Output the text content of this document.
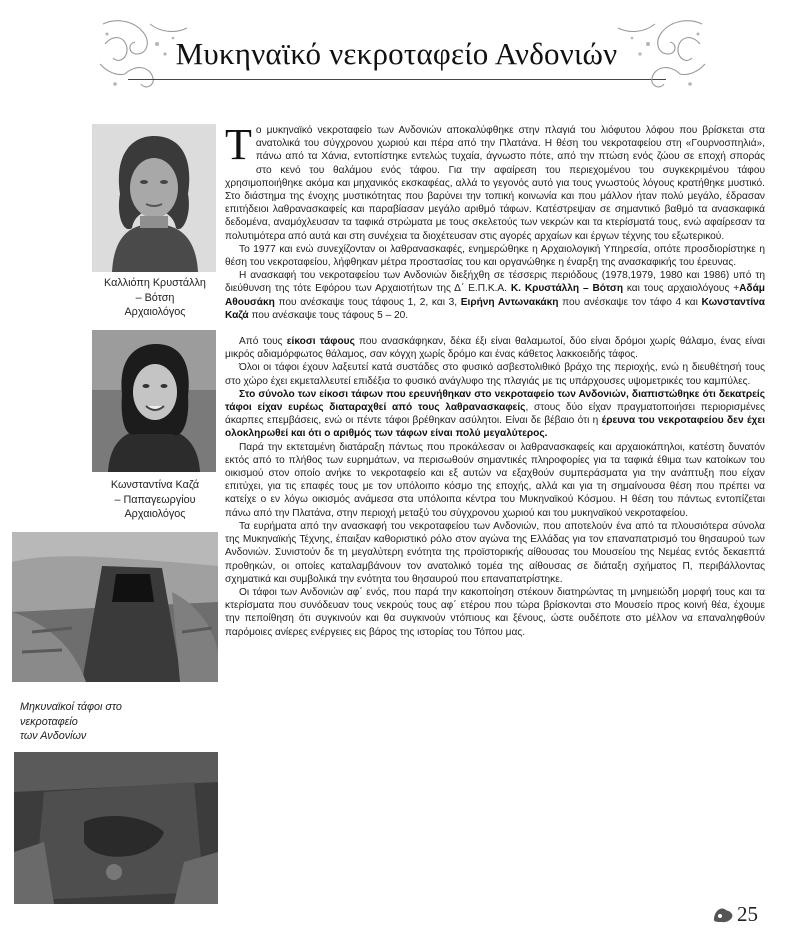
Μυκηναϊκό νεκροταφείο Ανδονιών
Καλλιόπη Κρυστάλλη
– Βότση
Αρχαιολόγος
Κωνσταντίνα Καζά
– Παπαγεωργίου
Αρχαιολόγος
Μηκυναϊκοί τάφοι στο
νεκροταφείο
των Ανδονίων

Το μυκηναϊκό νεκροταφείο των Ανδονιών αποκαλύφθηκε στην πλαγιά του λιόφυτου λόφου που βρίσκεται στα ανατολικά του σύγχρονου χωριού και πέρα από την Πλατάνα. Η θέση του νεκροταφείου στη «Γουρνοσπηλιά», πάνω από τα Χάνια, εντοπίστηκε εντελώς τυχαία, άγνωστο πότε, από την πτώση ενός ζώου σε εποχή σποράς στο κενό του θαλάμου ενός τάφου. Για την αφαίρεση του περιεχομένου του συγκεκριμένου τάφου χρησιμοποιήθηκε ακόμα και μηχανικός εκσκαφέας, αλλά το γεγονός αυτό για τους γνωστούς λόγους κρατήθηκε μυστικό. Στο διάστημα της ένοχης μυστικότητας που βαρύνει την τοπική κοινωνία και που μάλλον ήταν πολύ μεγάλο, έδρασαν επιτήδειοι λαθρανασκαφείς και παραβίασαν μεγάλο αριθμό τάφων. Κατέστρεψαν σε σημαντικό βαθμό τα ανασκαφικά δεδομένα, αναμόχλευσαν τα ταφικά στρώματα με τους σκελετούς των νεκρών και τα κτερίσματά τους, ενώ αφαίρεσαν τα πολυτιμότερα από αυτά και στη συνέχεια τα διοχέτευσαν στις αγορές αρχαίων και έργων τέχνης του εξωτερικού.

Το 1977 και ενώ συνεχίζονταν οι λαθρανασκαφές, ενημερώθηκε η Αρχαιολογική Υπηρεσία, οπότε προσδιορίστηκε η θέση του νεκροταφείου, λήφθηκαν μέτρα προστασίας του και οργανώθηκε η έναρξη της ανασκαφικής του έρευνας.

Η ανασκαφή του νεκροταφείου των Ανδονιών διεξήχθη σε τέσσερις περιόδους (1978,1979, 1980 και 1986) υπό τη διεύθυνση της τότε Εφόρου των Αρχαιοτήτων της Δ΄ Ε.Π.Κ.Α. Κ. Κρυστάλλη – Βότση και τους αρχαιολόγους +Αδάμ Αθουσάκη που ανέσκαψε τους τάφους 1, 2, και 3, Ειρήνη Αντωνακάκη που ανέσκαψε τον τάφο 4 και Κωνσταντίνα Καζά που ανέσκαψε τους τάφους 5 – 20.

Από τους είκοσι τάφους που ανασκάφηκαν, δέκα έξι είναι θαλαμωτοί, δύο είναι δρόμοι χωρίς θάλαμο, ένας είναι μικρός αδιαμόρφωτος θάλαμος, σαν κόγχη χωρίς δρόμο και ένας κάθετος λακκοειδής τάφος.

Όλοι οι τάφοι έχουν λαξευτεί κατά συστάδες στο φυσικό ασβεστολιθικό βράχο της περιοχής, ενώ η διευθέτησή τους στο χώρο έχει εκμεταλλευτεί επιδέξια το φυσικό ανάγλυφο της πλαγιάς με τις υπάρχουσες υψομετρικές του καμπύλες.

Στο σύνολο των είκοσι τάφων που ερευνήθηκαν στο νεκροταφείο των Ανδονιών, διαπιστώθηκε ότι δεκατρείς τάφοι είχαν ευρέως διαταραχθεί από τους λαθρανασκαφείς, στους δύο είχαν πραγματοποιήσει περιορισμένες άκαρπες επεμβάσεις, ενώ οι πέντε τάφοι βρέθηκαν ασύλητοι. Είναι δε βέβαιο ότι η έρευνα του νεκροταφείου δεν έχει ολοκληρωθεί και ότι ο αριθμός των τάφων είναι πολύ μεγαλύτερος.

Παρά την εκτεταμένη διατάραξη πάντως που προκάλεσαν οι λαθρανασκαφείς και αρχαιοκάπηλοι, κατέστη δυνατόν εκτός από το πλήθος των ευρημάτων, να περισωθούν σημαντικές πληροφορίες για τα ταφικά έθιμα των κατοίκων του οικισμού στον οποίο ανήκε το νεκροταφείο και εξ αυτών να εξαχθούν συμπεράσματα για την ανάπτυξη που είχαν επιτύχει, για τις επαφές τους με τον υπόλοιπο κόσμο της εποχής, αλλά και για τη σημαίνουσα θέση που πρέπει να κατείχε ο εν λόγω οικισμός ανάμεσα στα υπόλοιπα κέντρα του Μυκηναϊκού Κόσμου. Η θέση του πάντως εντοπίζεται πάνω από την Πλατάνα, στην περιοχή μεταξύ του σύγχρονου χωριού και του μυκηναϊκού νεκροταφείου.

Τα ευρήματα από την ανασκαφή του νεκροταφείου των Ανδονιών, που αποτελούν ένα από τα πλουσιότερα σύνολα της Μυκηναϊκής Τέχνης, έπαιξαν καθοριστικό ρόλο στον αγώνα της Ελλάδας για τον επαναπατρισμό του θησαυρού των Ανδονιών. Συνιστούν δε τη μεγαλύτερη ενότητα της προϊστορικής αίθουσας του Μουσείου της Νεμέας εντός δεκαεπτά προθηκών, οι οποίες καταλαμβάνουν τον ανατολικό τομέα της αίθουσας σε διάταξη σχήματος Π, περιβάλλοντας σχηματικά και συμβολικά την ενότητα του θησαυρού που επαναπατρίστηκε.

Οι τάφοι των Ανδονιών αφ΄ ενός, που παρά την κακοποίηση στέκουν διατηρώντας τη μνημειώδη μορφή τους και τα κτερίσματα που συνόδευαν τους νεκρούς τους αφ΄ ετέρου που τώρα βρίσκονται στο Μουσείο προς κοινή θέα, έχουμε την πεποίθηση ότι συγκινούν και θα συγκινούν ντόπιους και ξένους, ώστε ουδέποτε στο μέλλον να επαναληφθούν παρόμοιες ανίερες ενέργειες εις βάρος της ιστορίας του Τόπου μας.

25
